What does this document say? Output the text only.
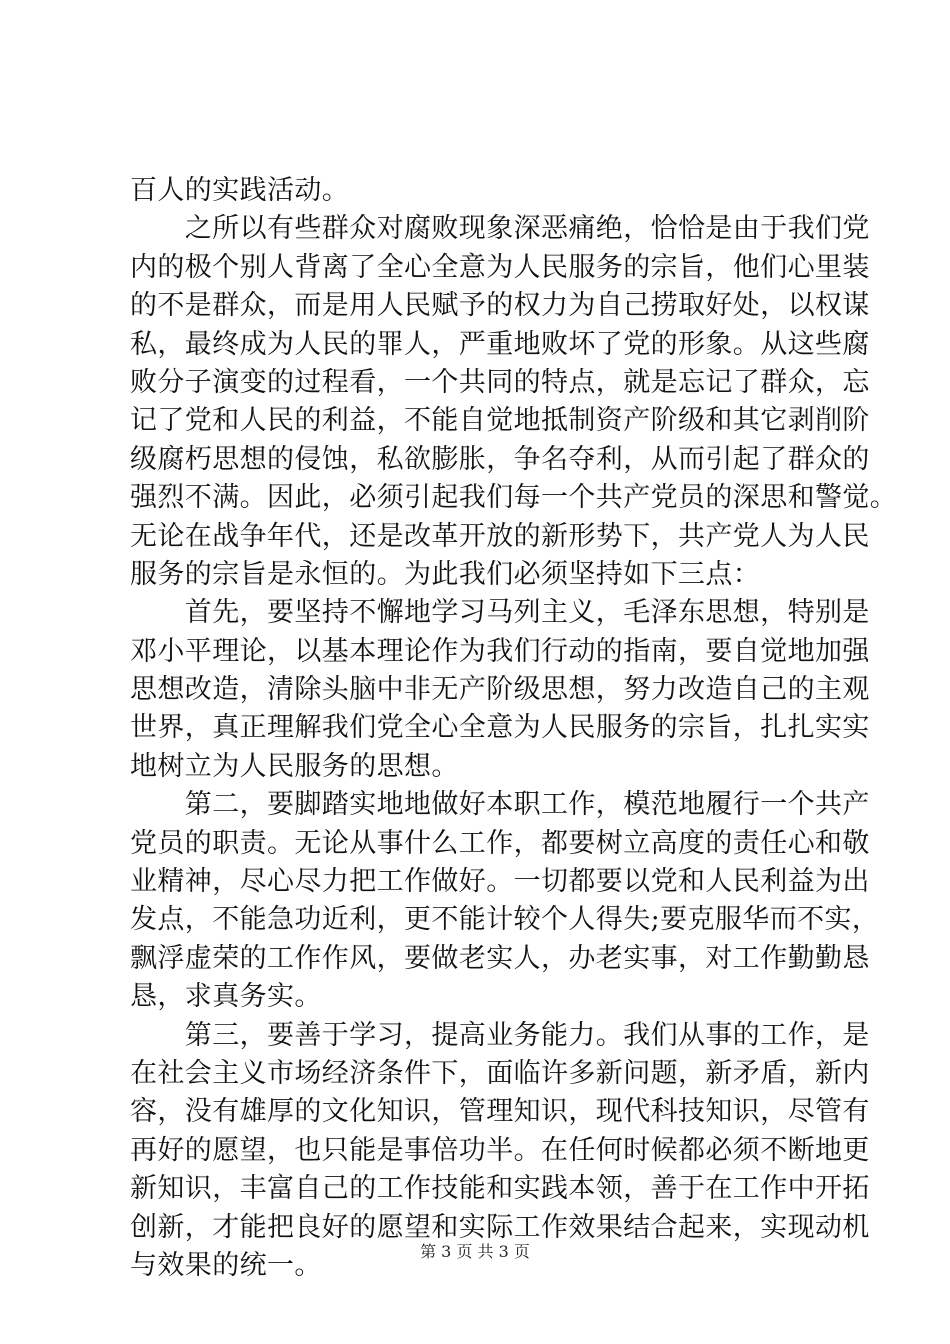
百人的实践活动。
　　之所以有些群众对腐败现象深恶痛绝，恰恰是由于我们党
内的极个别人背离了全心全意为人民服务的宗旨，他们心里装
的不是群众，而是用人民赋予的权力为自己捞取好处，以权谋
私，最终成为人民的罪人，严重地败坏了党的形象。从这些腐
败分子演变的过程看，一个共同的特点，就是忘记了群众，忘
记了党和人民的利益，不能自觉地抵制资产阶级和其它剥削阶
级腐朽思想的侵蚀，私欲膨胀，争名夺利，从而引起了群众的
强烈不满。因此，必须引起我们每一个共产党员的深思和警觉。
无论在战争年代，还是改革开放的新形势下，共产党人为人民
服务的宗旨是永恒的。为此我们必须坚持如下三点：
　　首先，要坚持不懈地学习马列主义，毛泽东思想，特别是
邓小平理论，以基本理论作为我们行动的指南，要自觉地加强
思想改造，清除头脑中非无产阶级思想，努力改造自己的主观
世界，真正理解我们党全心全意为人民服务的宗旨，扎扎实实
地树立为人民服务的思想。
　　第二，要脚踏实地地做好本职工作，模范地履行一个共产
党员的职责。无论从事什么工作，都要树立高度的责任心和敬
业精神，尽心尽力把工作做好。一切都要以党和人民利益为出
发点，不能急功近利，更不能计较个人得失;要克服华而不实，
飘浮虚荣的工作作风，要做老实人，办老实事，对工作勤勤恳
恳，求真务实。
　　第三，要善于学习，提高业务能力。我们从事的工作，是
在社会主义市场经济条件下，面临许多新问题，新矛盾，新内
容，没有雄厚的文化知识，管理知识，现代科技知识，尽管有
再好的愿望，也只能是事倍功半。在任何时候都必须不断地更
新知识，丰富自己的工作技能和实践本领，善于在工作中开拓
创新，才能把良好的愿望和实际工作效果结合起来，实现动机
与效果的统一。	第 3 页 共 3 页
